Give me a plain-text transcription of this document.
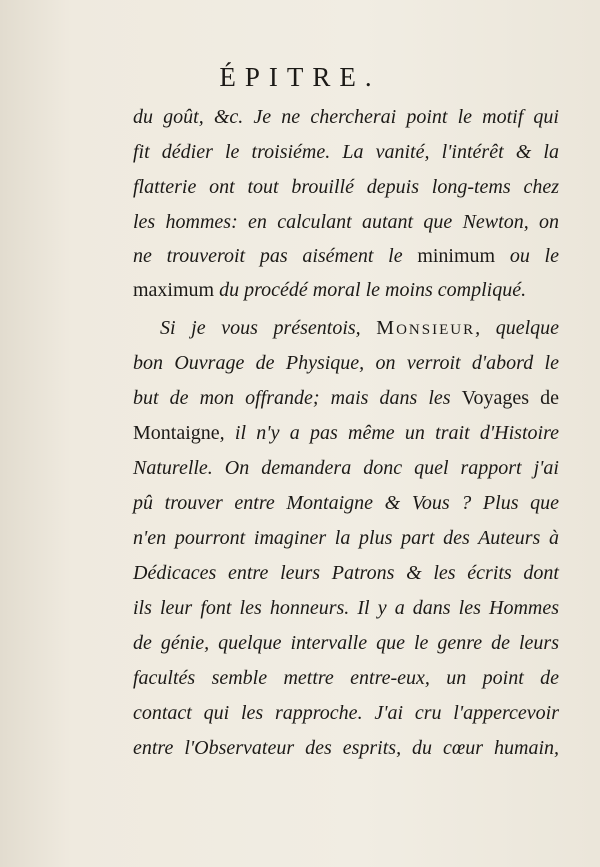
ÉPITRE.
du goût, &c. Je ne chercherai point le motif qui
fit dédier le troisiéme. La vanité, l'intérêt & la
flatterie ont tout brouillé depuis long-tems chez
les hommes: en calculant autant que Newton, on
ne trouveroit pas aisément le minimum ou le
maximum du procédé moral le moins compliqué.
Si je vous présentois, MONSIEUR, quelque
bon Ouvrage de Physique, on verroit d'abord le
but de mon offrande; mais dans les Voyages de
Montaigne, il n'y a pas même un trait d'Histoire
Naturelle. On demandera donc quel rapport j'ai
pû trouver entre Montaigne & Vous ? Plus que
n'en pourront imaginer la plus part des Auteurs à
Dédicaces entre leurs Patrons & les écrits dont
ils leur font les honneurs. Il y a dans les Hommes
de génie, quelque intervalle que le genre de leurs
facultés semble mettre entre-eux, un point de
contact qui les rapproche. J'ai cru l'appercevoir
entre l'Observateur des esprits, du cœur humain,
